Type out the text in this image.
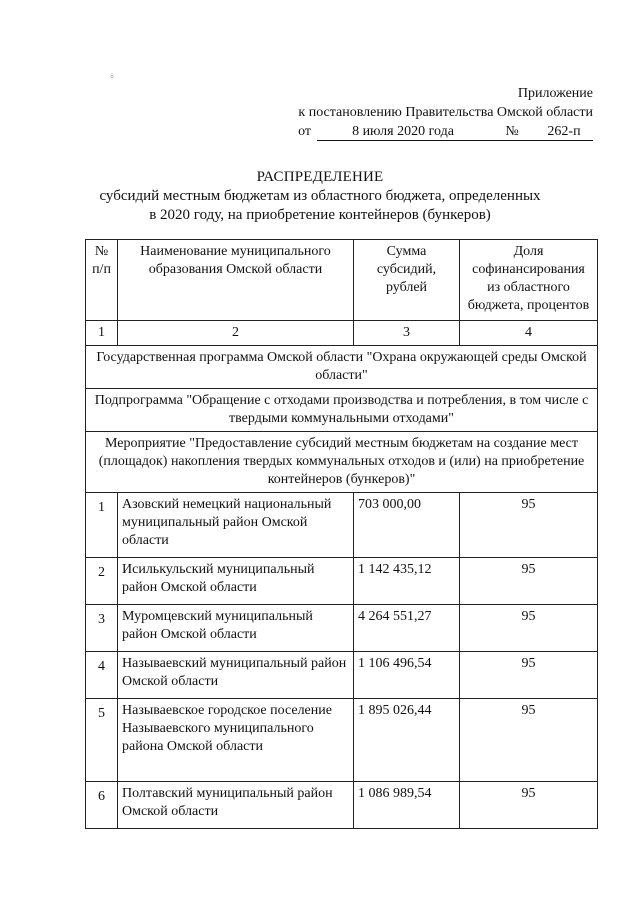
°
Приложение
к постановлению Правительства Омской области
от	8 июля 2020 года	№	262-п
РАСПРЕДЕЛЕНИЕ
субсидий местным бюджетам из областного бюджета, определенных
в 2020 году, на приобретение контейнеров (бункеров)
№ п/п	Наименование муниципального образования Омской области	Сумма субсидий, рублей	Доля софинансирования из областного бюджета, процентов
1	2	3	4
Государственная программа Омской области "Охрана окружающей среды Омской области"			
Подпрограмма "Обращение с отходами производства и потребления, в том числе с твердыми коммунальными отходами"			
Мероприятие "Предоставление субсидий местным бюджетам на создание мест (площадок) накопления твердых коммунальных отходов и (или) на приобретение контейнеров (бункеров)"			
1	Азовский немецкий национальный муниципальный район Омской области	703 000,00	95
2	Исилькульский муниципальный район Омской области	1 142 435,12	95
3	Муромцевский муниципальный район Омской области	4 264 551,27	95
4	Называевский муниципальный район Омской области	1 106 496,54	95
5	Называевское городское поселение Называевского муниципального района Омской области	1 895 026,44	95
6	Полтавский муниципальный район Омской области	1 086 989,54	95
